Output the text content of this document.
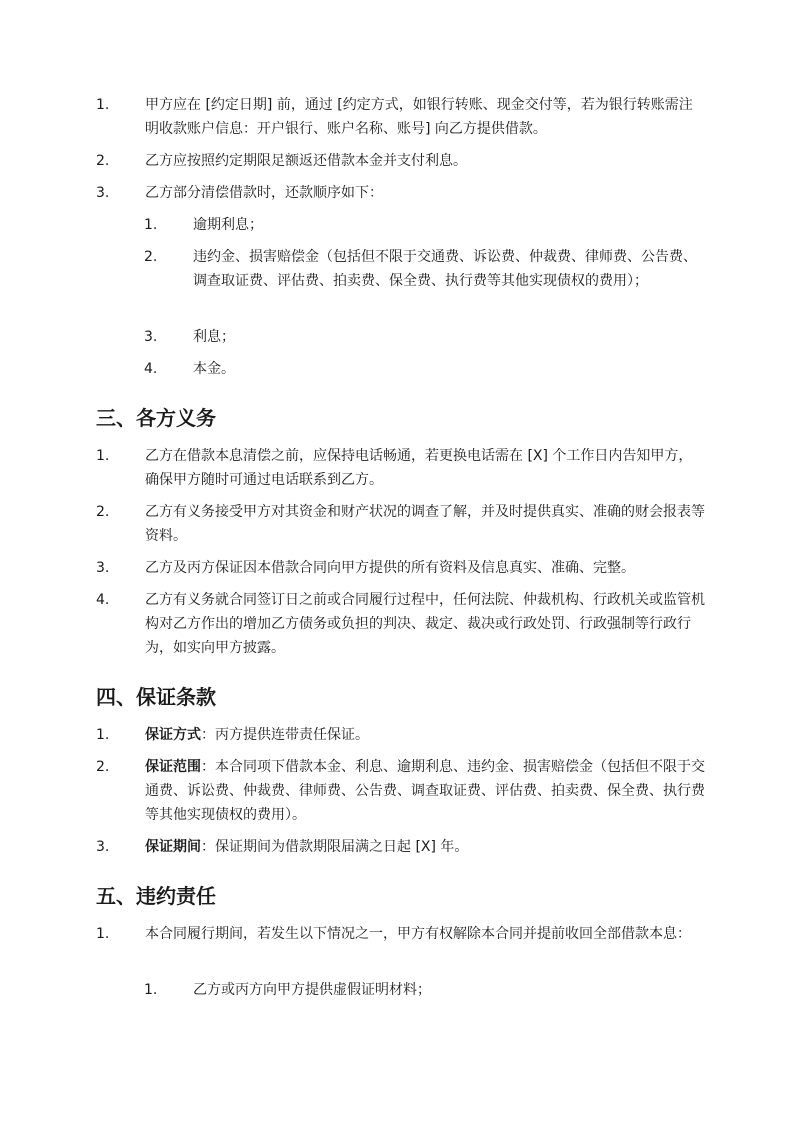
1.	甲方应在 [约定日期] 前，通过 [约定方式，如银行转账、现金交付等，若为银行转账需注明收款账户信息：开户银行、账户名称、账号] 向乙方提供借款。
2.	乙方应按照约定期限足额返还借款本金并支付利息。
3.	乙方部分清偿借款时，还款顺序如下：
1.	逾期利息；
2.	违约金、损害赔偿金（包括但不限于交通费、诉讼费、仲裁费、律师费、公告费、调查取证费、评估费、拍卖费、保全费、执行费等其他实现债权的费用）；
3.	利息；
4.	本金。
三、各方义务
1.	乙方在借款本息清偿之前，应保持电话畅通，若更换电话需在 [X] 个工作日内告知甲方，确保甲方随时可通过电话联系到乙方。
2.	乙方有义务接受甲方对其资金和财产状况的调查了解，并及时提供真实、准确的财会报表等资料。
3.	乙方及丙方保证因本借款合同向甲方提供的所有资料及信息真实、准确、完整。
4.	乙方有义务就合同签订日之前或合同履行过程中，任何法院、仲裁机构、行政机关或监管机构对乙方作出的增加乙方债务或负担的判决、裁定、裁决或行政处罚、行政强制等行政行为，如实向甲方披露。
四、保证条款
1.	保证方式：丙方提供连带责任保证。
2.	保证范围：本合同项下借款本金、利息、逾期利息、违约金、损害赔偿金（包括但不限于交通费、诉讼费、仲裁费、律师费、公告费、调查取证费、评估费、拍卖费、保全费、执行费等其他实现债权的费用）。
3.	保证期间：保证期间为借款期限届满之日起 [X] 年。
五、违约责任
1.	本合同履行期间，若发生以下情况之一，甲方有权解除本合同并提前收回全部借款本息：
1.	乙方或丙方向甲方提供虚假证明材料；
